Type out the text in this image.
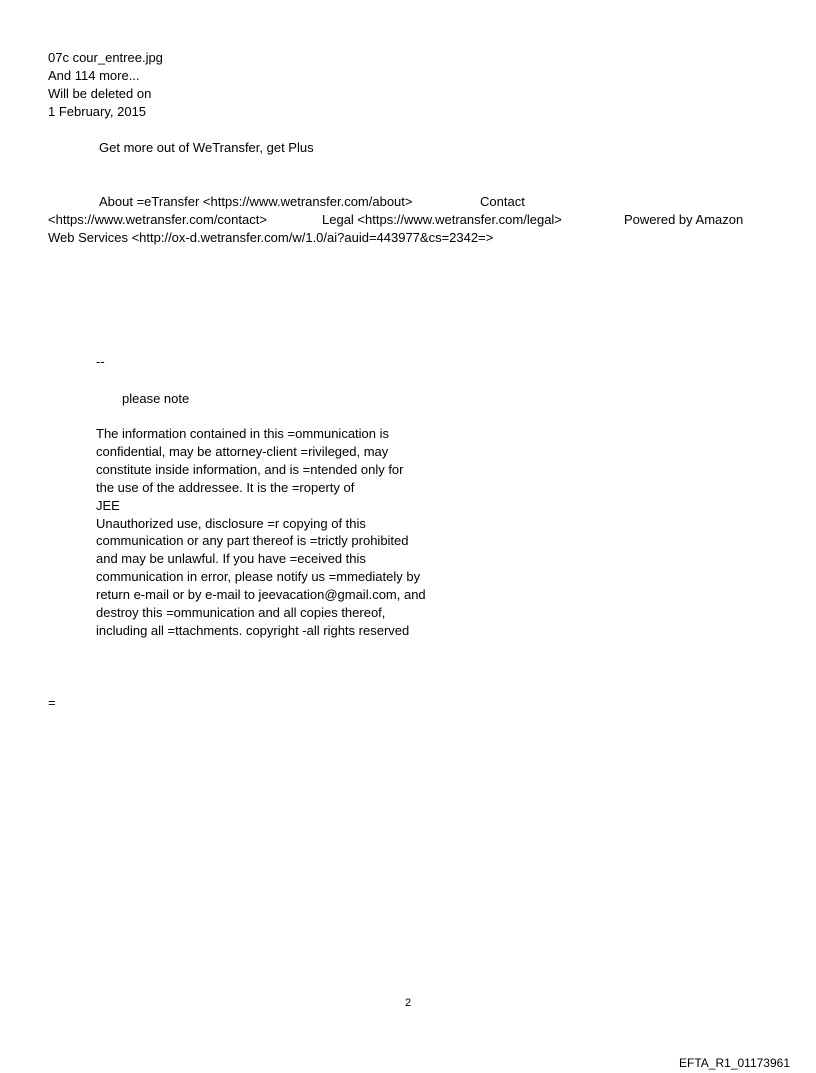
07c cour_entree.jpg
And 114 more...
Will be deleted on
1 February, 2015
Get more out of WeTransfer, get Plus
About =eTransfer <https://www.wetransfer.com/about>	Contact
<https://www.wetransfer.com/contact>	Legal <https://www.wetransfer.com/legal>	Powered by Amazon
Web Services <http://ox-d.wetransfer.com/w/1.0/ai?auid=443977&cs=2342=>
--
please note
The information contained in this =ommunication is
confidential, may be attorney-client =rivileged, may
constitute inside information, and is =ntended only for
the use of the addressee. It is the =roperty of
JEE
Unauthorized use, disclosure =r copying of this
communication or any part thereof is =trictly prohibited
and may be unlawful. If you have =eceived this
communication in error, please notify us =mmediately by
return e-mail or by e-mail to jeevacation@gmail.com, and
destroy this =ommunication and all copies thereof,
including all =ttachments. copyright -all rights reserved
=
2
EFTA_R1_01173961
